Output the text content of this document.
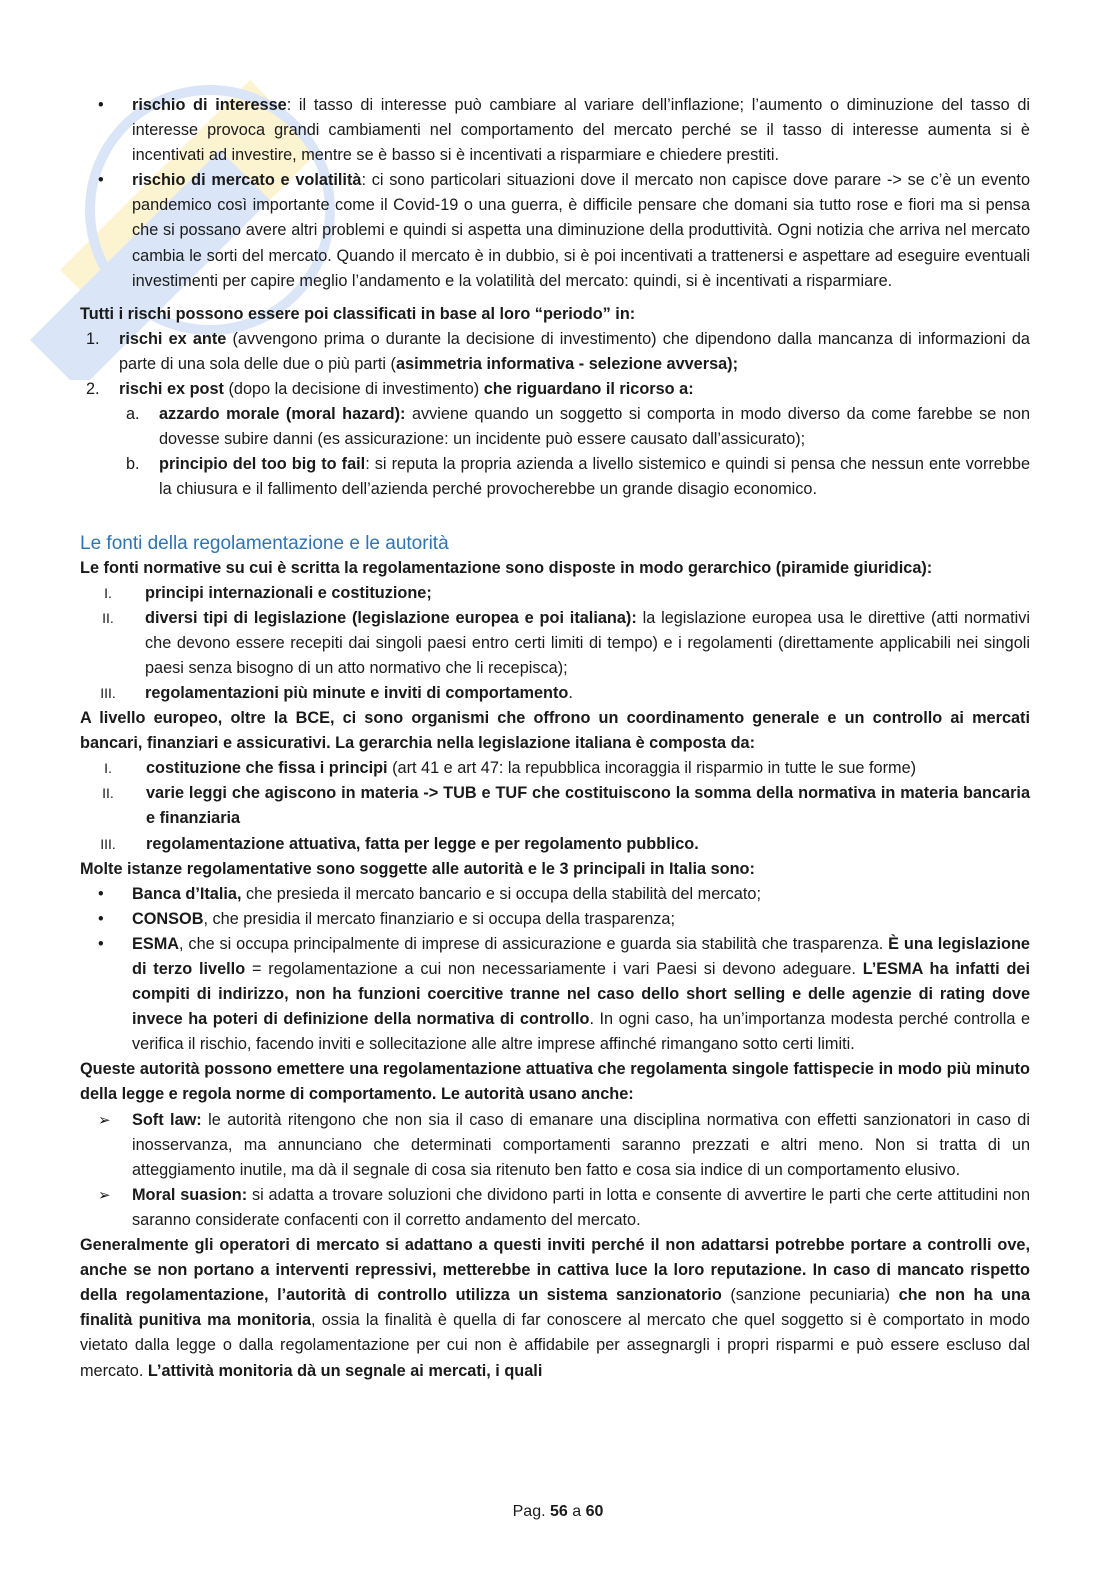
• rischio di interesse: il tasso di interesse può cambiare al variare dell’inflazione; l’aumento o diminuzione del tasso di interesse provoca grandi cambiamenti nel comportamento del mercato perché se il tasso di interesse aumenta si è incentivati ad investire, mentre se è basso si è incentivati a risparmiare e chiedere prestiti.
• rischio di mercato e volatilità: ci sono particolari situazioni dove il mercato non capisce dove parare -> se c’è un evento pandemico così importante come il Covid-19 o una guerra, è difficile pensare che domani sia tutto rose e fiori ma si pensa che si possano avere altri problemi e quindi si aspetta una diminuzione della produttività. Ogni notizia che arriva nel mercato cambia le sorti del mercato. Quando il mercato è in dubbio, si è poi incentivati a trattenersi e aspettare ad eseguire eventuali investimenti per capire meglio l’andamento e la volatilità del mercato: quindi, si è incentivati a risparmiare.

Tutti i rischi possono essere poi classificati in base al loro “periodo” in:

1. rischi ex ante (avvengono prima o durante la decisione di investimento) che dipendono dalla mancanza di informazioni da parte di una sola delle due o più parti (asimmetria informativa - selezione avversa);
2. rischi ex post (dopo la decisione di investimento) che riguardano il ricorso a:
a. azzardo morale (moral hazard): avviene quando un soggetto si comporta in modo diverso da come farebbe se non dovesse subire danni (es assicurazione: un incidente può essere causato dall’assicurato);
b. principio del too big to fail: si reputa la propria azienda a livello sistemico e quindi si pensa che nessun ente vorrebbe la chiusura e il fallimento dell’azienda perché provocherebbe un grande disagio economico.
Le fonti della regolamentazione e le autorità

Le fonti normative su cui è scritta la regolamentazione sono disposte in modo gerarchico (piramide giuridica):

I.	principi internazionali e costituzione;
II.	diversi tipi di legislazione (legislazione europea e poi italiana): la legislazione europea usa le direttive (atti normativi che devono essere recepiti dai singoli paesi entro certi limiti di tempo) e i regolamenti (direttamente applicabili nei singoli paesi senza bisogno di un atto normativo che li recepisca);
III.	regolamentazioni più minute e inviti di comportamento.

A livello europeo, oltre la BCE, ci sono organismi che offrono un coordinamento generale e un controllo ai mercati bancari, finanziari e assicurativi. La gerarchia nella legislazione italiana è composta da:

I.	costituzione che fissa i principi (art 41 e art 47: la repubblica incoraggia il risparmio in tutte le sue forme)
II.	varie leggi che agiscono in materia -> TUB e TUF che costituiscono la somma della normativa in materia bancaria e finanziaria
III.	regolamentazione attuativa, fatta per legge e per regolamento pubblico.

Molte istanze regolamentative sono soggette alle autorità e le 3 principali in Italia sono:

• Banca d’Italia, che presieda il mercato bancario e si occupa della stabilità del mercato;
• CONSOB, che presidia il mercato finanziario e si occupa della trasparenza;
• ESMA, che si occupa principalmente di imprese di assicurazione e guarda sia stabilità che trasparenza. È una legislazione di terzo livello = regolamentazione a cui non necessariamente i vari Paesi si devono adeguare. L’ESMA ha infatti dei compiti di indirizzo, non ha funzioni coercitive tranne nel caso dello short selling e delle agenzie di rating dove invece ha poteri di definizione della normativa di controllo. In ogni caso, ha un’importanza modesta perché controlla e verifica il rischio, facendo inviti e sollecitazione alle altre imprese affinché rimangano sotto certi limiti.

Queste autorità possono emettere una regolamentazione attuativa che regolamenta singole fattispecie in modo più minuto della legge e regola norme di comportamento. Le autorità usano anche:

➢ Soft law: le autorità ritengono che non sia il caso di emanare una disciplina normativa con effetti sanzionatori in caso di inosservanza, ma annunciano che determinati comportamenti saranno prezzati e altri meno. Non si tratta di un atteggiamento inutile, ma dà il segnale di cosa sia ritenuto ben fatto e cosa sia indice di un comportamento elusivo.
➢ Moral suasion: si adatta a trovare soluzioni che dividono parti in lotta e consente di avvertire le parti che certe attitudini non saranno considerate confacenti con il corretto andamento del mercato.

Generalmente gli operatori di mercato si adattano a questi inviti perché il non adattarsi potrebbe portare a controlli ove, anche se non portano a interventi repressivi, metterebbe in cattiva luce la loro reputazione. In caso di mancato rispetto della regolamentazione, l’autorità di controllo utilizza un sistema sanzionatorio (sanzione pecuniaria) che non ha una finalità punitiva ma monitoria, ossia la finalità è quella di far conoscere al mercato che quel soggetto si è comportato in modo vietato dalla legge o dalla regolamentazione per cui non è affidabile per assegnargli i propri risparmi e può essere escluso dal mercato. L’attività monitoria dà un segnale ai mercati, i quali

Pag. 56 a 60
